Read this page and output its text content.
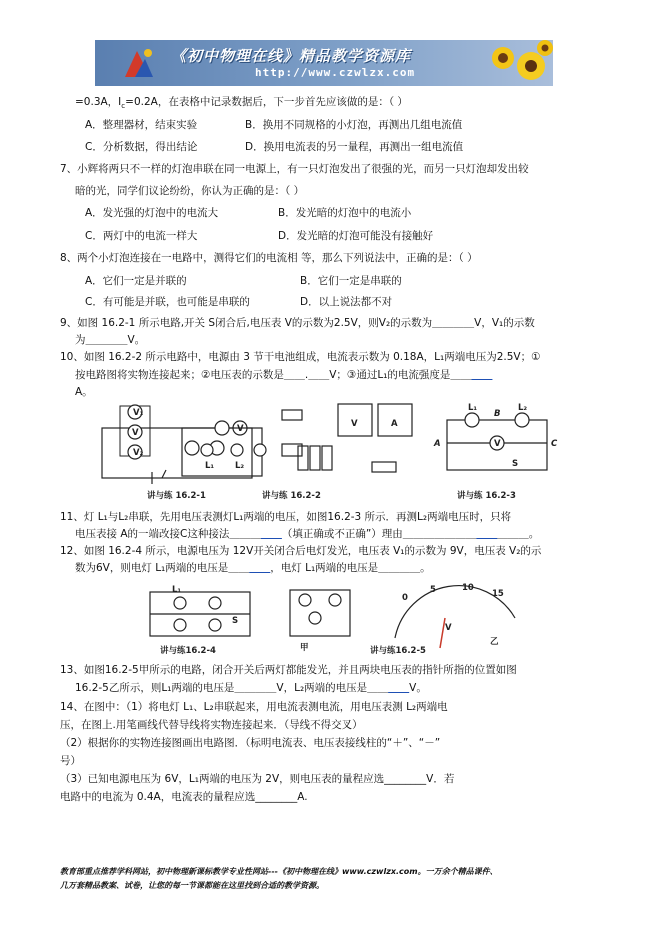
《初中物理在线》精品教学资源库
http://www.czwlzx.com
=0.3A，$I_c=0.2A$，在表格中记录数据后，下一步首先应该做的是：（ ）
A．整理器材，结束实验	B．换用不同规格的小灯泡，再测出几组电流值
C．分析数据，得出结论	D．换用电流表的另一量程，再测出一组电流值
7、小辉将两只不一样的灯泡串联在同一电源上，有一只灯泡发出了很强的光，而另一只灯泡却发出较
暗的光，同学们议论纷纷，你认为正确的是：（ ）
A．发光强的灯泡中的电流大	B．发光暗的灯泡中的电流小
C．两灯中的电流一样大	D．发光暗的灯泡可能没有接触好
8、两个小灯泡连接在一电路中，测得它们的电流相 等，那么下列说法中，正确的是：（ ）
A．它们一定是并联的	B．它们一定是串联的
C．有可能是并联，也可能是串联的	D．以上说法都不对
9、如图 16.2-1 所示电路,开关 S闭合后,电压表 V的示数为2.5V，则V₂的示数为＿＿＿＿V，V₁的示数
为＿＿＿＿V。
10、如图 16.2-2 所示电路中，电源由 3 节干电池组成，电流表示数为 0.18A，L₁两端电压为2.5V；①
按电路图将实物连接起来；②电压表的示数是＿＿.＿＿V；③通过L₁的电流强度是＿＿＿＿
A。
V₁
V
V₂
V
讲与练 16.2-1
L₁ L₂
V	A
讲与练 16.2-2
L₁	L₂
V
A
B
C
S
讲与练 16.2-3
11、灯 L₁与L₂串联，先用电压表测灯L₁两端的电压，如图16.2-3 所示．再测L₂两端电压时，只将
电压表接 A的一端改接C这种接法＿＿＿＿＿（填正确或不正确”）理由＿＿＿＿＿＿＿＿＿＿＿＿。
12、如图 16.2-4 所示，电源电压为 12V开关闭合后电灯发光，电压表 V₁的示数为 9V，电压表 V₂的示
数为6V，则电灯 L₁两端的电压是＿＿＿＿，电灯 L₁两端的电压是＿＿＿＿。
L₁
S
讲与练16.2-4	甲
0
5	10
15
V
乙
讲与练16.2-5
13、如图16.2-5甲所示的电路，闭合开关后两灯都能发光，并且两块电压表的指针所指的位置如图
16.2-5乙所示，则L₁两端的电压是＿＿＿＿V，L₂两端的电压是＿＿＿＿V。
14、在图中：（1）将电灯 L₁、L₂串联起来，用电流表测电流，用电压表测 L₂两端电
压，在图上.用笔画线代替导线将实物连接起来．（导线不得交叉）
（2）根据你的实物连接图画出电路图．（标明电流表、电压表接线柱的“＋”、“－”
号）
（3）已知电源电压为 6V，L₁两端的电压为 2V，则电压表的量程应选________V．若
电路中的电流为 0.4A，电流表的量程应选________A.
教育部重点推荐学科网站，初中物理新课标教学专业性网站---《初中物理在线》www.czwlzx.com。一万余个精品课件、
几万套精品教案、试卷，让您的每一节课都能在这里找到合适的教学资源。
